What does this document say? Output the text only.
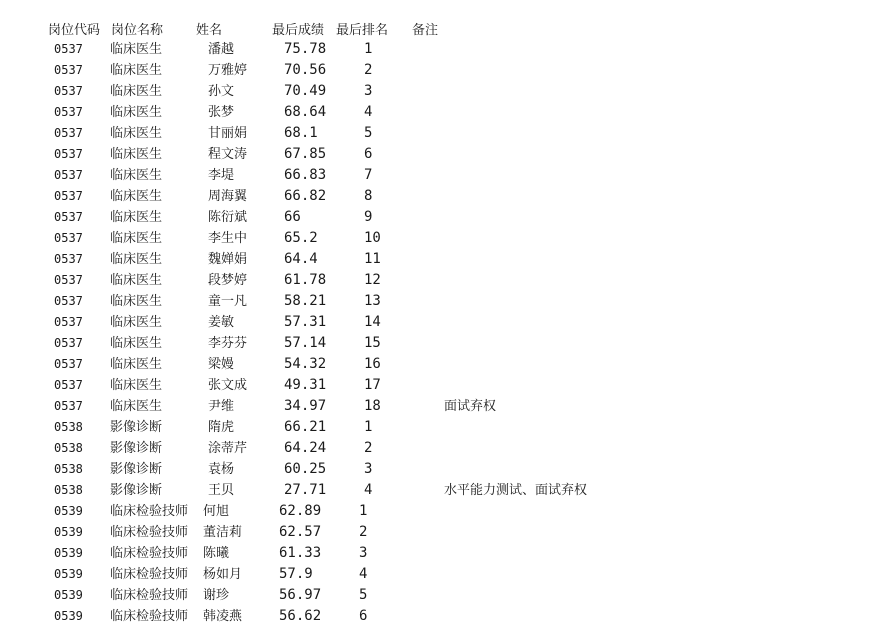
岗位代码 岗位名称	姓名	最后成绩 最后排名 备注
0537 临床医生	潘越	75.78	1
0537 临床医生	万雅婷	70.56	2
0537 临床医生	孙文	70.49	3
0537 临床医生	张梦	68.64	4
0537 临床医生	甘丽娟	68.1	5
0537 临床医生	程文涛	67.85	6
0537 临床医生	李堤	66.83	7
0537 临床医生	周海翼	66.82	8
0537 临床医生	陈衍斌	66	9
0537 临床医生	李生中	65.2	10
0537 临床医生	魏婵娟	64.4	11
0537 临床医生	段梦婷	61.78	12
0537 临床医生	童一凡	58.21	13
0537 临床医生	姜敏	57.31	14
0537 临床医生	李芬芬	57.14	15
0537 临床医生	梁嫚	54.32	16
0537 临床医生	张文成	49.31	17
0537 临床医生	尹维	34.97	18	面试弃权
0538 影像诊断	隋虎	66.21	1
0538 影像诊断	涂蒂芹	64.24	2
0538 影像诊断	袁杨	60.25	3
0538 影像诊断	王贝	27.71	4	水平能力测试、面试弃权
0539 临床检验技师 何旭	62.89	1
0539 临床检验技师 董洁莉	62.57	2
0539 临床检验技师 陈曦	61.33	3
0539 临床检验技师 杨如月	57.9	4
0539 临床检验技师 谢珍	56.97	5
0539 临床检验技师 韩凌燕	56.62	6
